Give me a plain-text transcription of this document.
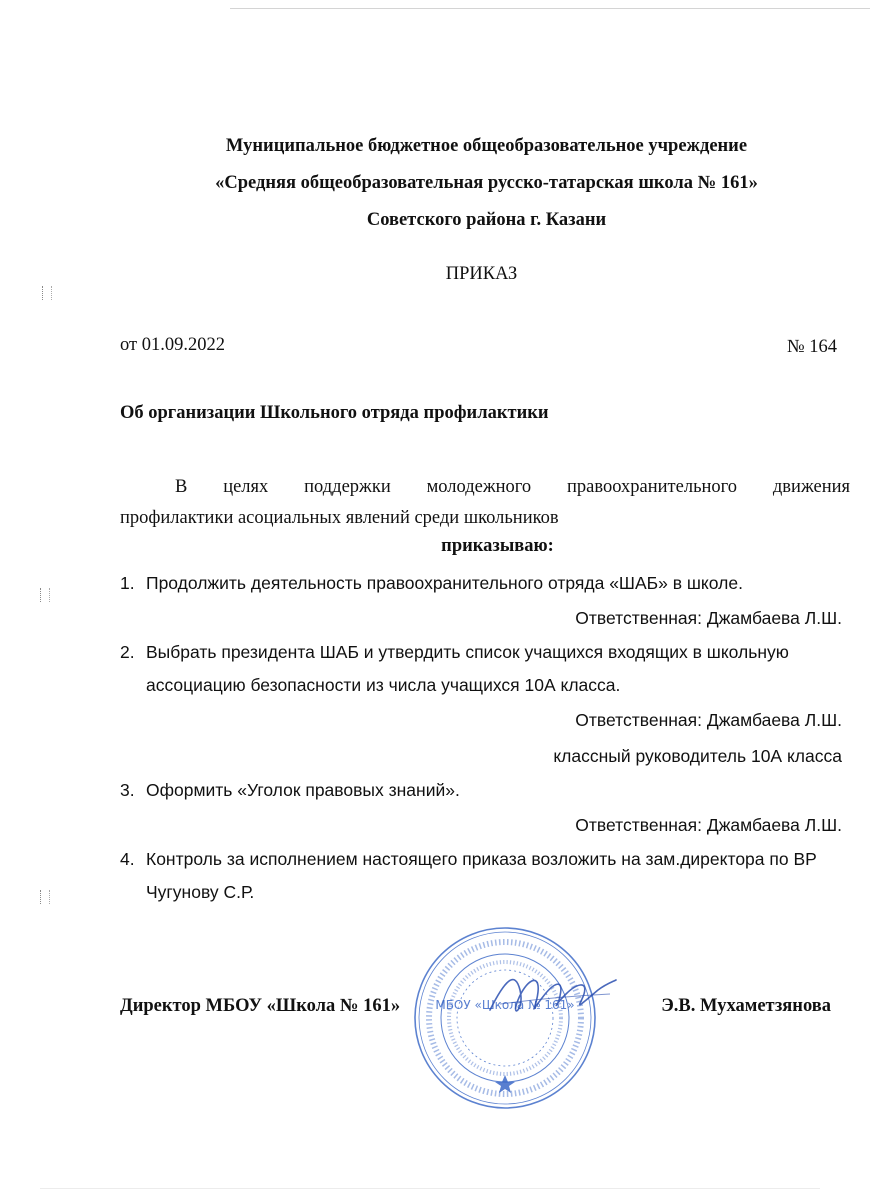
Муниципальное бюджетное общеобразовательное учреждение
«Средняя общеобразовательная русско-татарская школа № 161»
Советского района г. Казани
ПРИКАЗ
от 01.09.2022	№ 164
Об организации Школьного отряда профилактики
В целях поддержки молодежного правоохранительного движения
профилактики асоциальных явлений среди школьников
приказываю:
1. Продолжить деятельность правоохранительного отряда «ШАБ» в школе.
Ответственная: Джамбаева Л.Ш.
2. Выбрать президента ШАБ и утвердить список учащихся входящих в школьную
ассоциацию безопасности из числа учащихся 10А класса.
Ответственная: Джамбаева Л.Ш.
классный руководитель 10А класса
3. Оформить «Уголок правовых знаний».
Ответственная: Джамбаева Л.Ш.
4. Контроль за исполнением настоящего приказа возложить на зам.директора по ВР
Чугунову С.Р.
Директор МБОУ «Школа № 161»	Э.В. Мухаметзянова
МБОУ «Школа № 161»
